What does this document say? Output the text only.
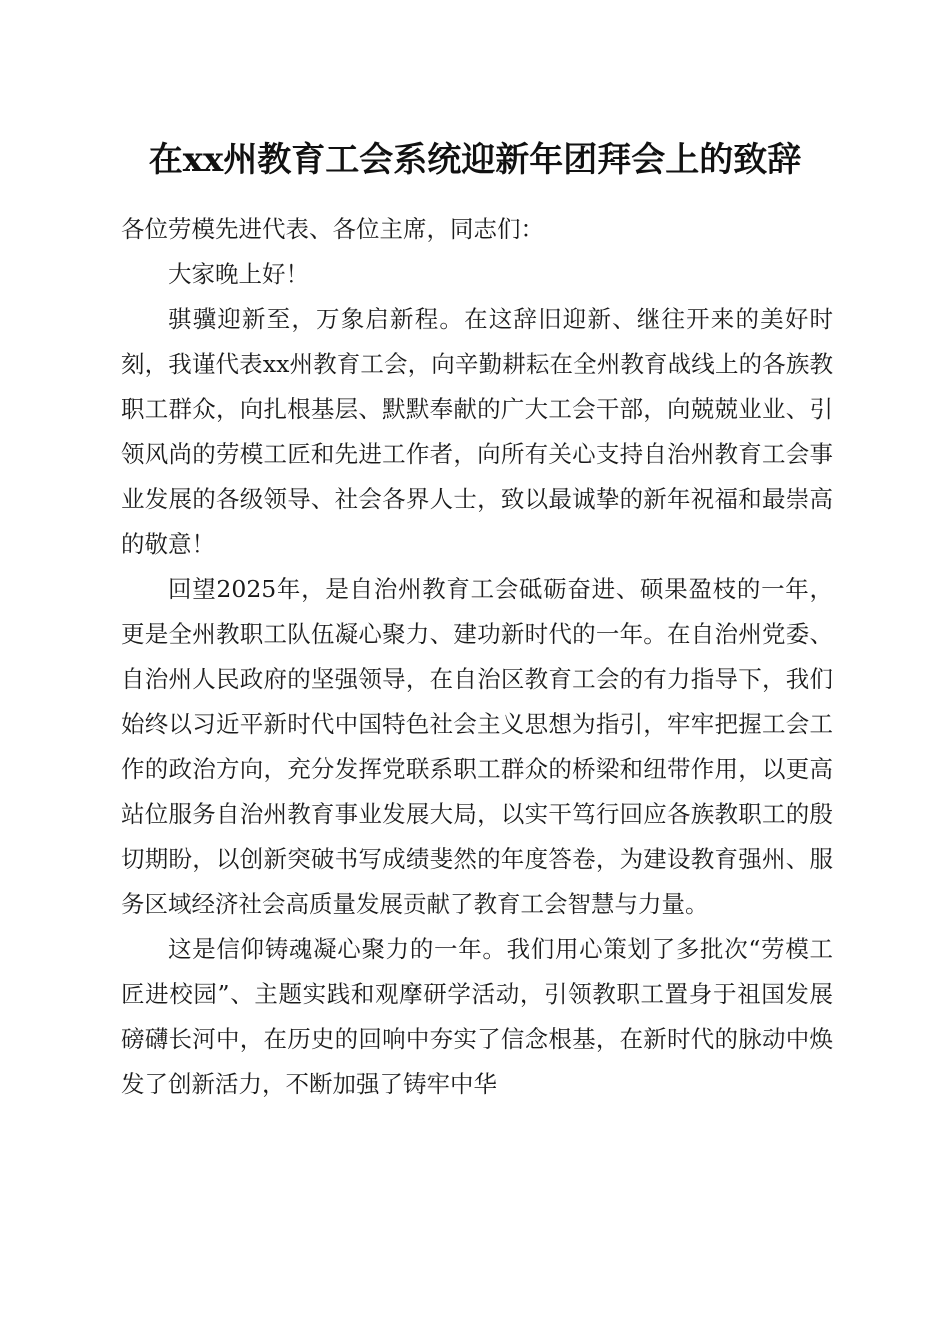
在xx州教育工会系统迎新年团拜会上的致辞

各位劳模先进代表、各位主席，同志们：

大家晚上好！

骐骥迎新至，万象启新程。在这辞旧迎新、继往开来的美好时刻，我谨代表xx州教育工会，向辛勤耕耘在全州教育战线上的各族教职工群众，向扎根基层、默默奉献的广大工会干部，向兢兢业业、引领风尚的劳模工匠和先进工作者，向所有关心支持自治州教育工会事业发展的各级领导、社会各界人士，致以最诚挚的新年祝福和最崇高的敬意！

回望2025年，是自治州教育工会砥砺奋进、硕果盈枝的一年，更是全州教职工队伍凝心聚力、建功新时代的一年。在自治州党委、自治州人民政府的坚强领导，在自治区教育工会的有力指导下，我们始终以习近平新时代中国特色社会主义思想为指引，牢牢把握工会工作的政治方向，充分发挥党联系职工群众的桥梁和纽带作用，以更高站位服务自治州教育事业发展大局，以实干笃行回应各族教职工的殷切期盼，以创新突破书写成绩斐然的年度答卷，为建设教育强州、服务区域经济社会高质量发展贡献了教育工会智慧与力量。

这是信仰铸魂凝心聚力的一年。我们用心策划了多批次“劳模工匠进校园”、主题实践和观摩研学活动，引领教职工置身于祖国发展磅礴长河中，在历史的回响中夯实了信念根基，在新时代的脉动中焕发了创新活力，不断加强了铸牢中华
